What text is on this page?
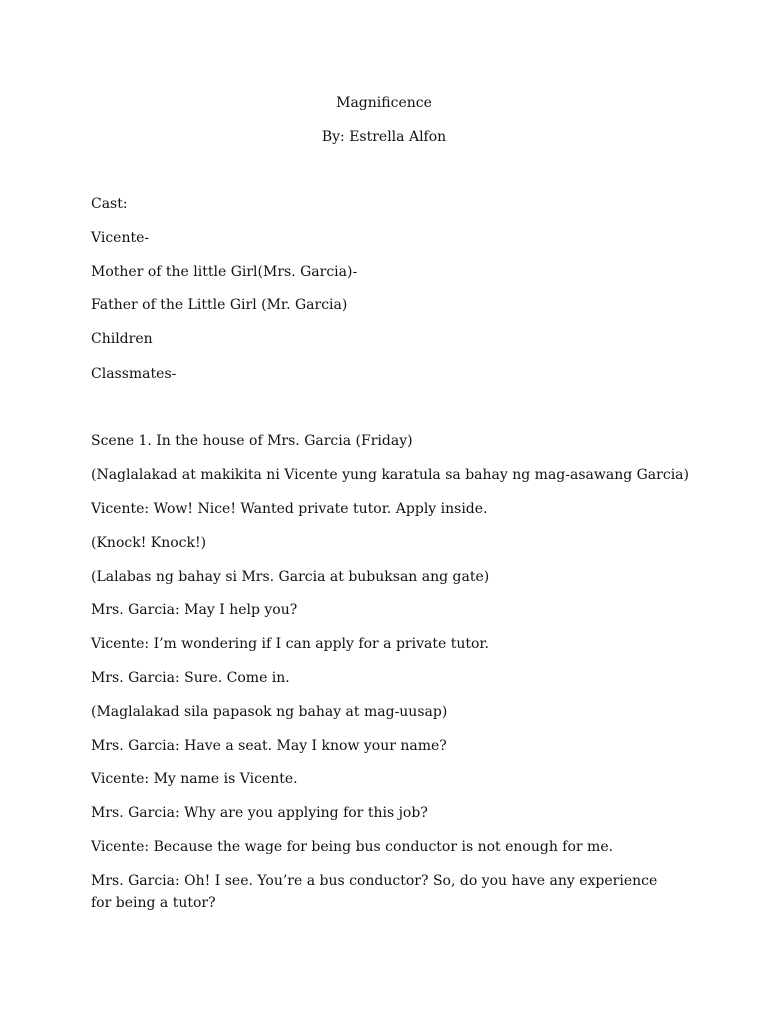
Magnificence
By: Estrella Alfon
Cast:
Vicente-
Mother of the little Girl(Mrs. Garcia)-
Father of the Little Girl (Mr. Garcia)
Children
Classmates-
Scene 1. In the house of Mrs. Garcia (Friday)
(Naglalakad at makikita ni Vicente yung karatula sa bahay ng mag-asawang Garcia)
Vicente: Wow! Nice! Wanted private tutor. Apply inside.
(Knock! Knock!)
(Lalabas ng bahay si Mrs. Garcia at bubuksan ang gate)
Mrs. Garcia: May I help you?
Vicente: I’m wondering if I can apply for a private tutor.
Mrs. Garcia: Sure. Come in.
(Maglalakad sila papasok ng bahay at mag-uusap)
Mrs. Garcia: Have a seat. May I know your name?
Vicente: My name is Vicente.
Mrs. Garcia: Why are you applying for this job?
Vicente: Because the wage for being bus conductor is not enough for me.
Mrs. Garcia: Oh! I see. You’re a bus conductor? So, do you have any experience for being a tutor?
